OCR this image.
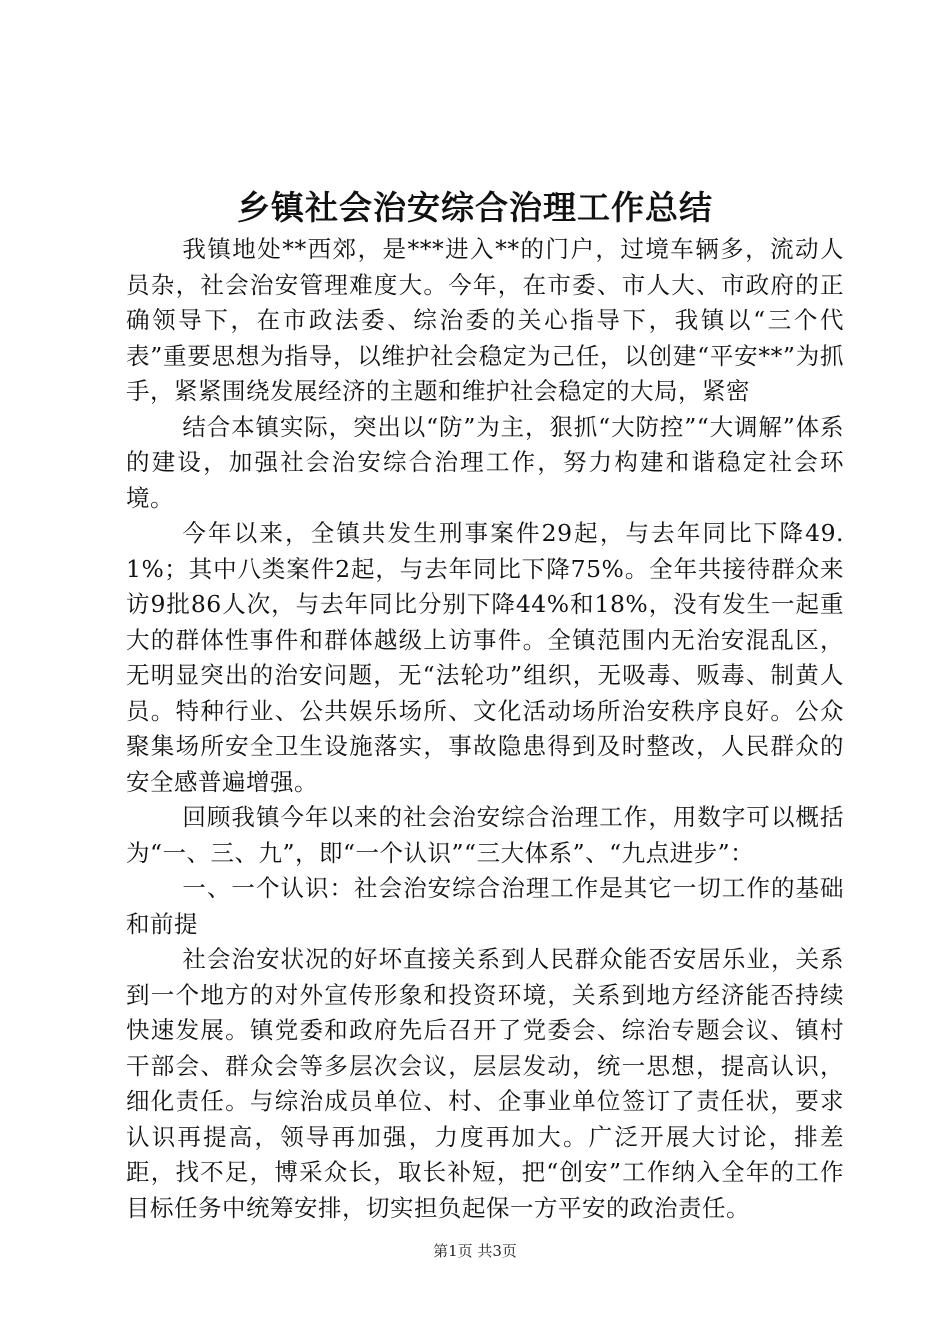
乡镇社会治安综合治理工作总结

我镇地处**西郊，是***进入**的门户，过境车辆多，流动人员杂，社会治安管理难度大。今年，在市委、市人大、市政府的正确领导下，在市政法委、综治委的关心指导下，我镇以“三个代表”重要思想为指导，以维护社会稳定为己任，以创建“平安**”为抓手，紧紧围绕发展经济的主题和维护社会稳定的大局，紧密

结合本镇实际，突出以“防”为主，狠抓“大防控”“大调解”体系的建设，加强社会治安综合治理工作，努力构建和谐稳定社会环境。

今年以来，全镇共发生刑事案件29起，与去年同比下降49.1%；其中八类案件2起，与去年同比下降75%。全年共接待群众来访9批86人次，与去年同比分别下降44%和18%，没有发生一起重大的群体性事件和群体越级上访事件。全镇范围内无治安混乱区，无明显突出的治安问题，无“法轮功”组织，无吸毒、贩毒、制黄人员。特种行业、公共娱乐场所、文化活动场所治安秩序良好。公众聚集场所安全卫生设施落实，事故隐患得到及时整改，人民群众的安全感普遍增强。

回顾我镇今年以来的社会治安综合治理工作，用数字可以概括为“一、三、九”，即“一个认识”“三大体系”、“九点进步”：

一、一个认识：社会治安综合治理工作是其它一切工作的基础和前提

社会治安状况的好坏直接关系到人民群众能否安居乐业，关系到一个地方的对外宣传形象和投资环境，关系到地方经济能否持续快速发展。镇党委和政府先后召开了党委会、综治专题会议、镇村干部会、群众会等多层次会议，层层发动，统一思想，提高认识，细化责任。与综治成员单位、村、企事业单位签订了责任状，要求认识再提高，领导再加强，力度再加大。广泛开展大讨论，排差距，找不足，博采众长，取长补短，把“创安”工作纳入全年的工作目标任务中统筹安排，切实担负起保一方平安的政治责任。

第1页 共3页
